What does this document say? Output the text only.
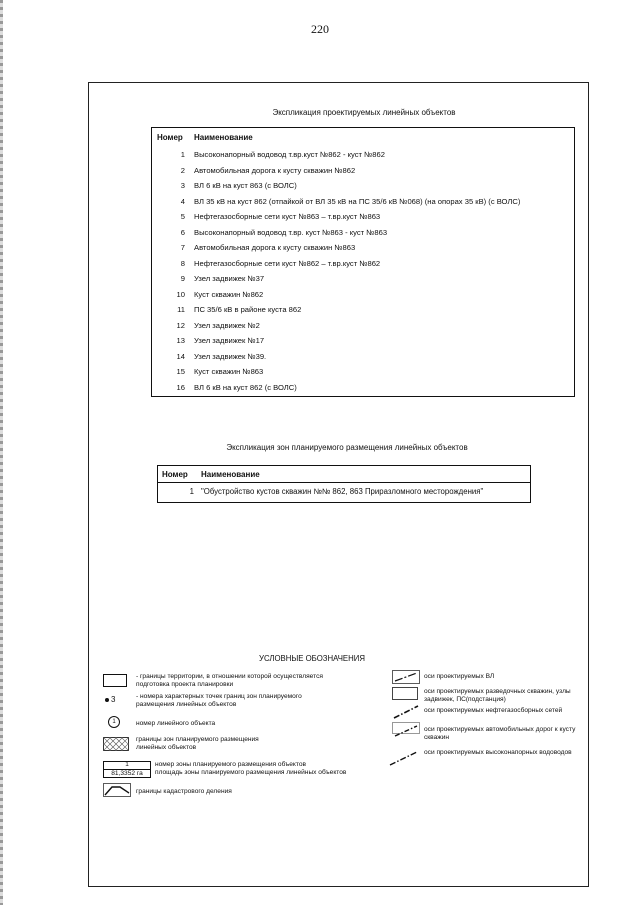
220
Экспликация проектируемых линейных объектов
Номер Наименование
1 Высоконапорный водовод т.вр.куст №862 - куст №862
2 Автомобильная дорога к кусту скважин №862
3 ВЛ 6 кВ на куст 863 (с ВОЛС)
4 ВЛ 35 кВ на куст 862 (отпайкой от ВЛ 35 кВ на ПС 35/6 кВ №068) (на опорах 35 кВ) (с ВОЛС)
5 Нефтегазосборные сети куст №863 – т.вр.куст №863
6 Высоконапорный водовод т.вр. куст №863 - куст №863
7 Автомобильная дорога к кусту скважин №863
8 Нефтегазосборные сети куст №862 – т.вр.куст №862
9 Узел задвижек №37
10 Куст скважин №862
11 ПС 35/6 кВ в районе куста 862
12 Узел задвижек №2
13 Узел задвижек №17
14 Узел задвижек №39.
15 Куст скважин №863
16 ВЛ 6 кВ на куст 862 (с ВОЛС)
Экспликация зон планируемого размещения линейных объектов
Номер Наименование
1 "Обустройство кустов скважин №№ 862, 863 Приразломного месторождения"
УСЛОВНЫЕ ОБОЗНАЧЕНИЯ
- границы территории, в отношении которой осуществляется подготовка проекта планировки
3	- номера характерных точек границ зон планируемого размещения линейных объектов
1	номер линейного объекта
границы зон планируемого размещения линейных объектов
1
81,3352 га
номер зоны планируемого размещения объектов
площадь зоны планируемого размещения линейных объектов
границы кадастрового деления
оси проектируемых ВЛ
оси проектируемых разведочных скважин, узлы задвижек, ПС(подстанция)
оси проектируемых нефтегазосборных сетей
оси проектируемых автомобильных дорог к кусту скважин
оси проектируемых высоконапорных водоводов
